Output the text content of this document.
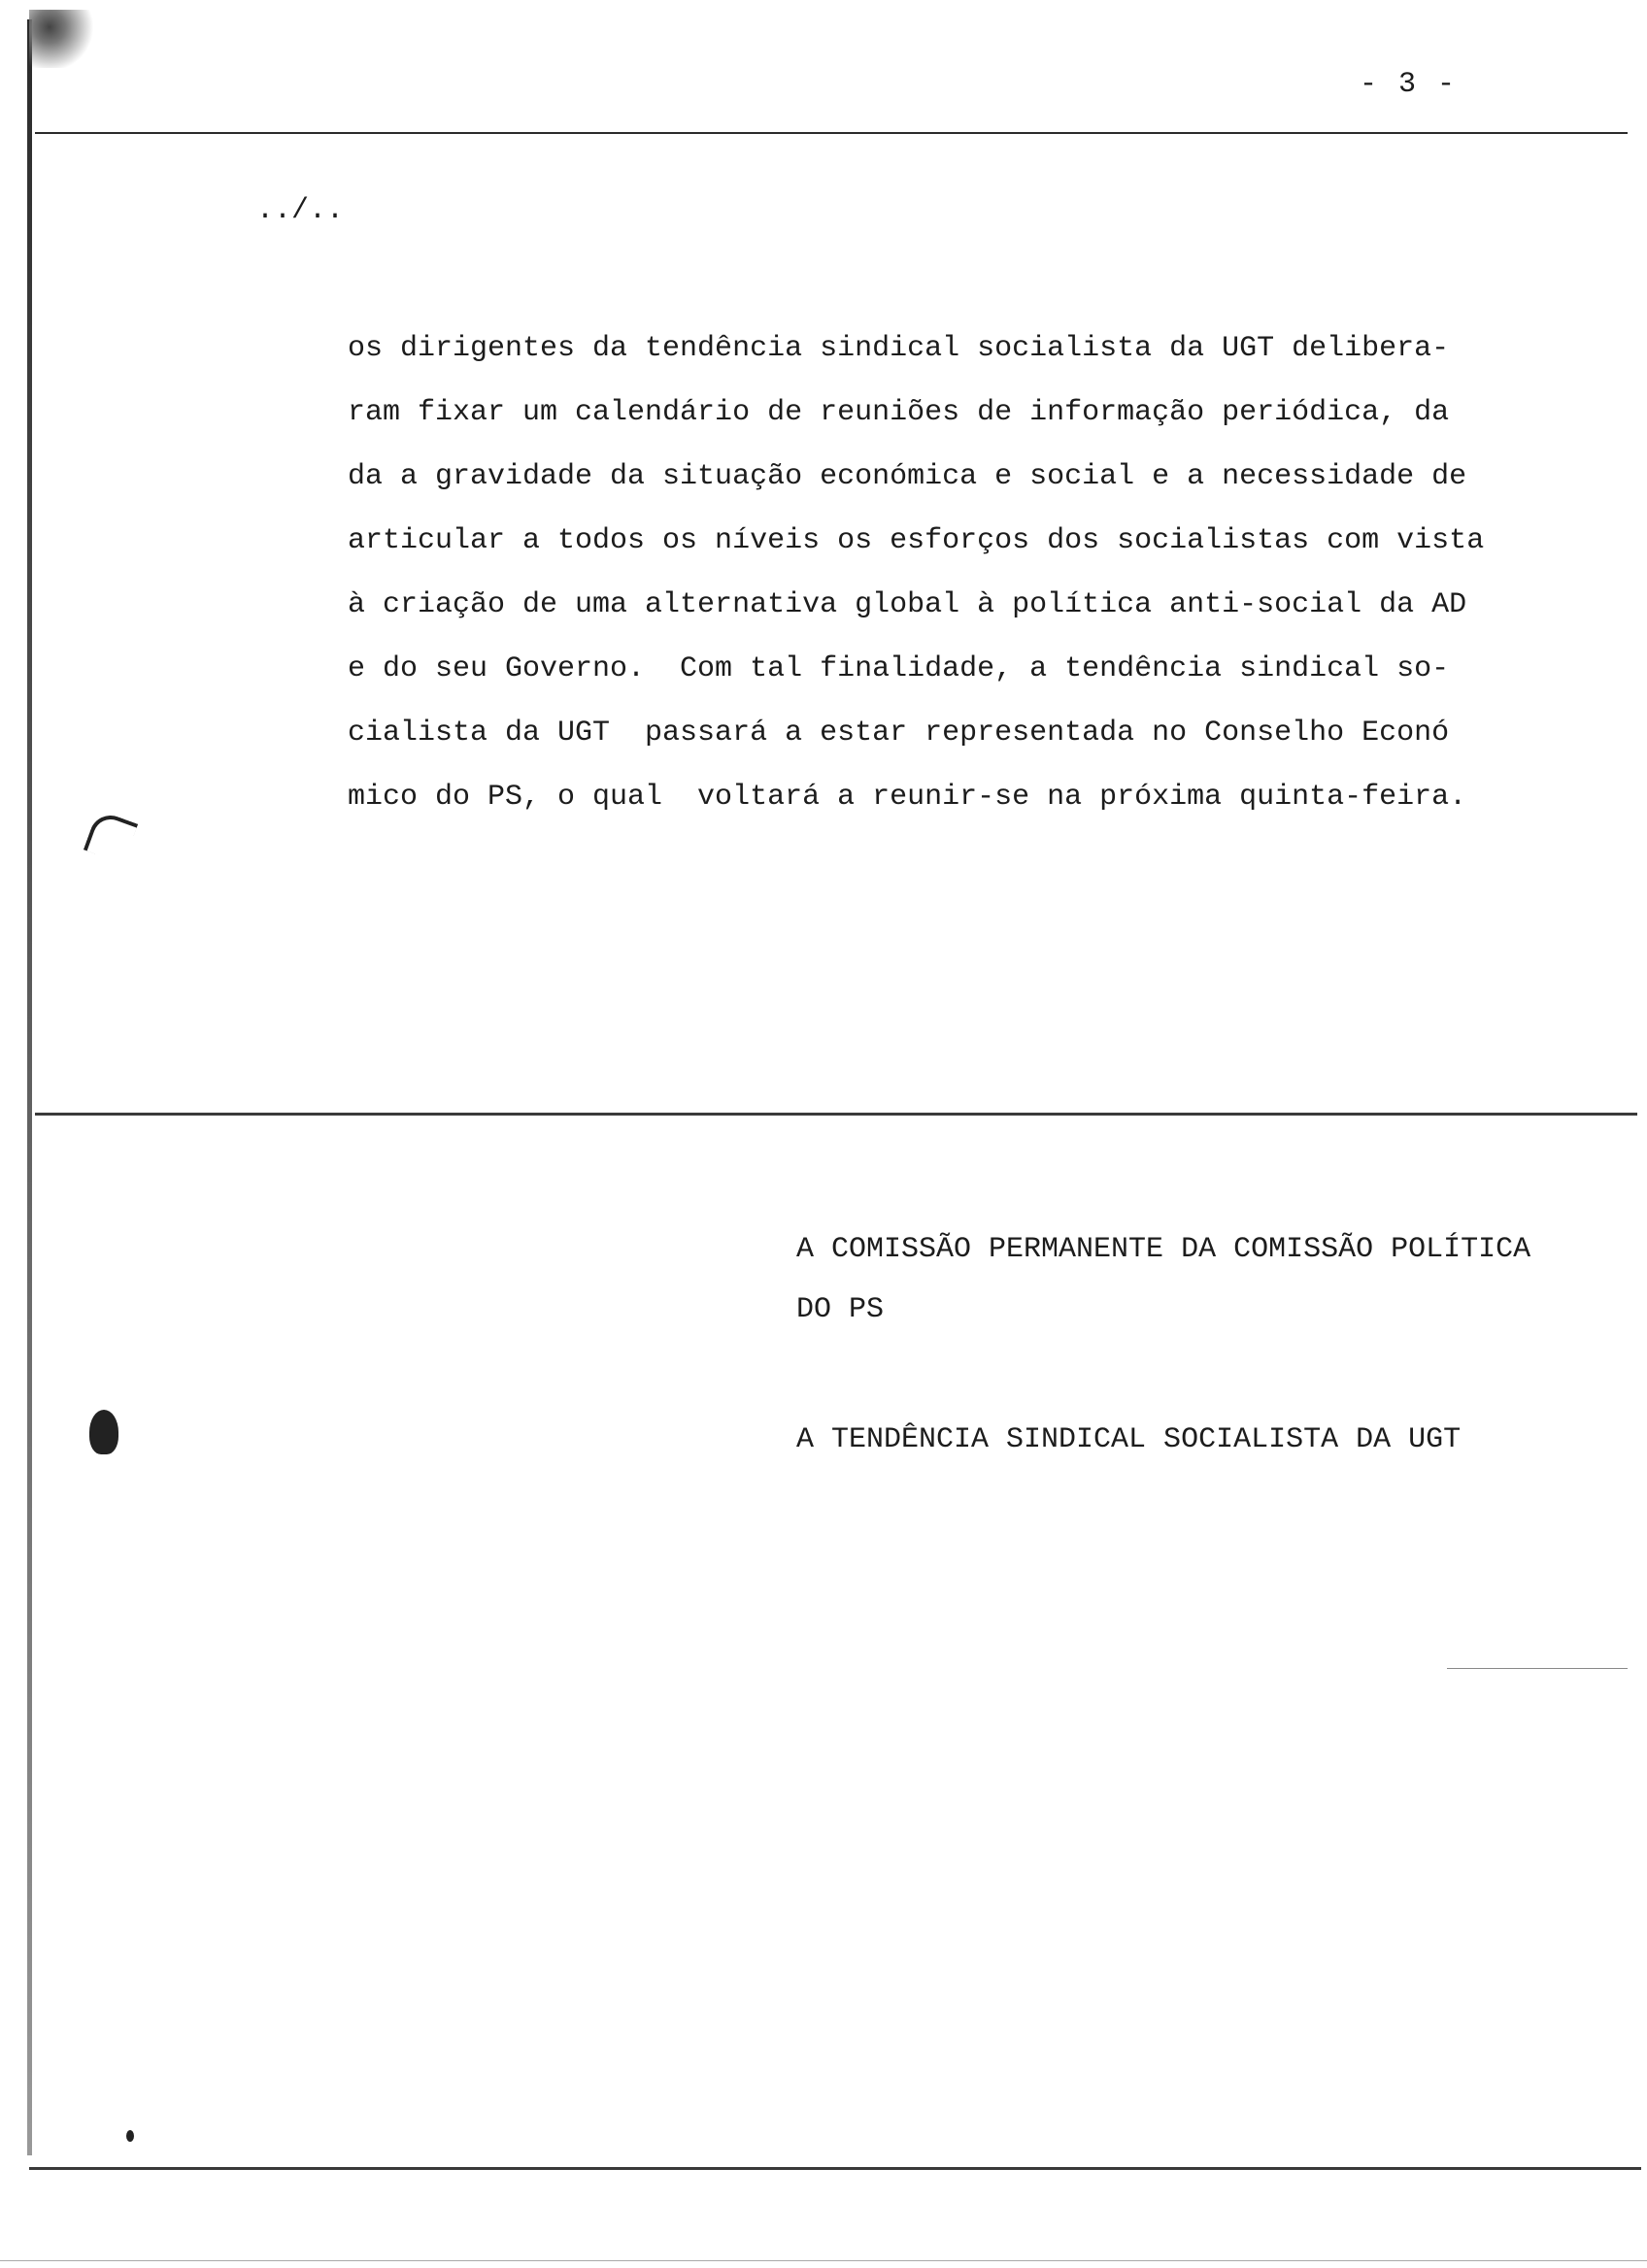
- 3 -
../..
os dirigentes da tendência sindical socialista da UGT delibera-
ram fixar um calendário de reuniões de informação periódica, da
da a gravidade da situação económica e social e a necessidade de
articular a todos os níveis os esforços dos socialistas com vista
à criação de uma alternativa global à política anti-social da AD
e do seu Governo.  Com tal finalidade, a tendência sindical so-
cialista da UGT  passará a estar representada no Conselho Econó
mico do PS, o qual  voltará a reunir-se na próxima quinta-feira.
A COMISSÃO PERMANENTE DA COMISSÃO POLÍTICA
DO PS
A TENDÊNCIA SINDICAL SOCIALISTA DA UGT
